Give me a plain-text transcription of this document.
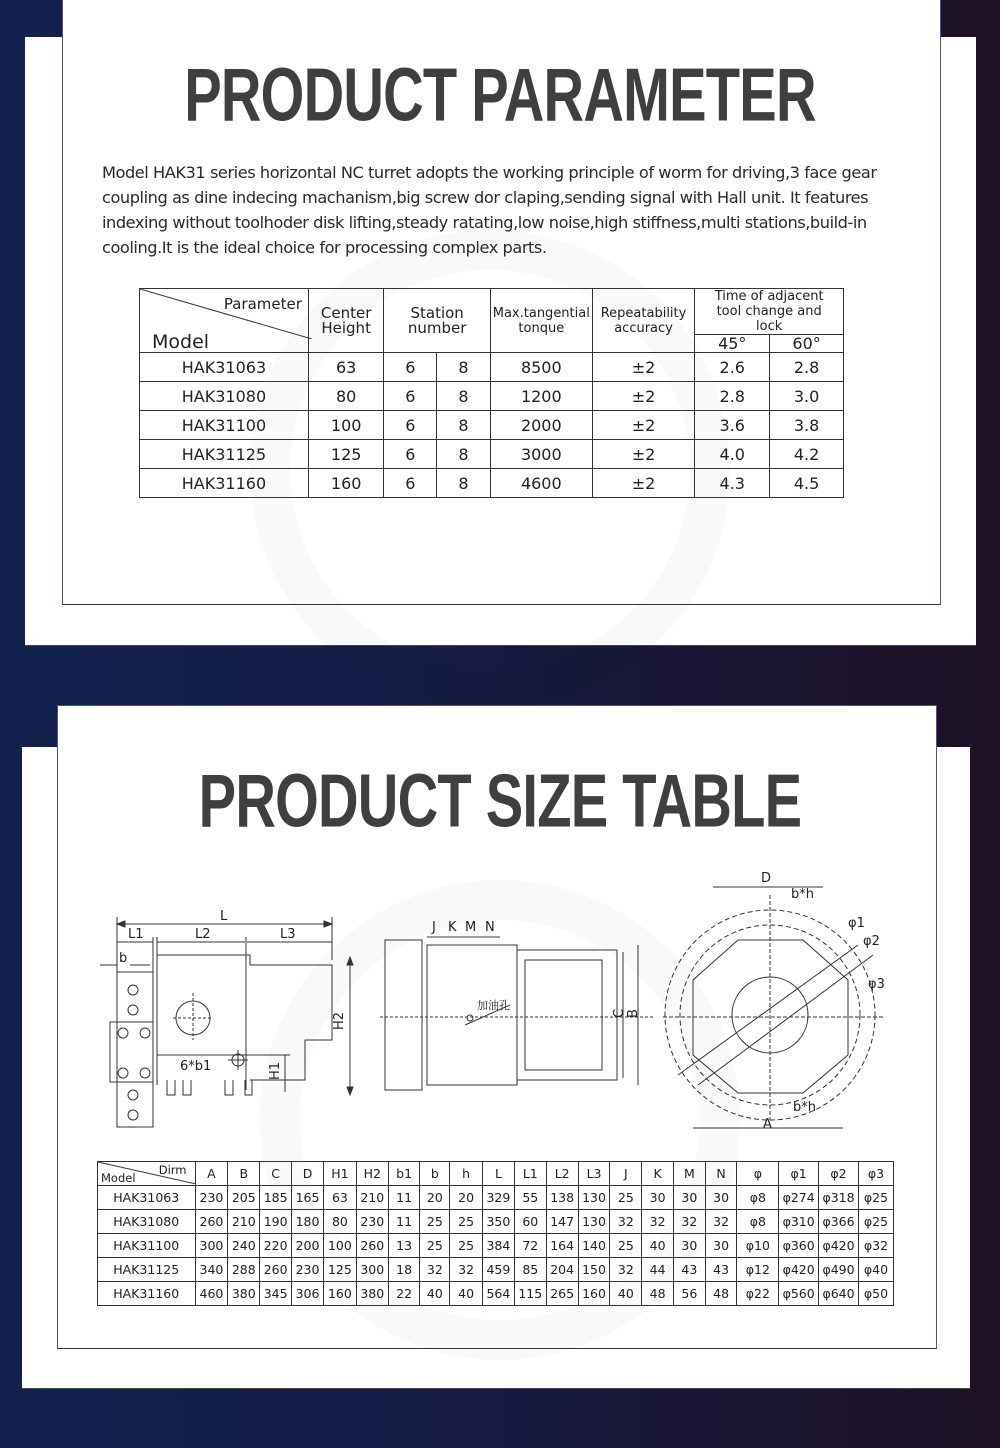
PRODUCT PARAMETER
Model HAK31 series horizontal NC turret adopts the working principle of worm for driving,3 face gear coupling as dine indecing machanism,big screw dor claping,sending signal with Hall unit. It features indexing without toolhoder disk lifting,steady ratating,low noise,high stiffness,multi stations,build-in cooling.It is the ideal choice for processing complex parts.
Parameter
Model	Center Height	Station number		Max.tangential tonque	Repeatability accuracy	Time of adjacent tool change and lock	
						45°	60°
HAK31063	63	6	8	8500	±2	2.6	2.8
HAK31080	80	6	8	1200	±2	2.8	3.0
HAK31100	100	6	8	2000	±2	3.6	3.8
HAK31125	125	6	8	3000	±2	4.0	4.2
HAK31160	160	6	8	4600	±2	4.3	4.5
PRODUCT SIZE TABLE
L
L1	L2	L3
b
6*b1
H2
H1
J K M N
C B
加油孔
D
b*h
φ1
φ2
φ3
b*h
A
Dirm
Model	A	B	C	D	H1	H2	b1	b	h	L	L1	L2	L3	J	K	M	N	φ	φ1	φ2	φ3
HAK31063	230	205	185	165	63	210	11	20	20	329	55	138	130	25	30	30	30	φ8	φ274	φ318	φ25
HAK31080	260	210	190	180	80	230	11	25	25	350	60	147	130	32	32	32	32	φ8	φ310	φ366	φ25
HAK31100	300	240	220	200	100	260	13	25	25	384	72	164	140	25	40	30	30	φ10	φ360	φ420	φ32
HAK31125	340	288	260	230	125	300	18	32	32	459	85	204	150	32	44	43	43	φ12	φ420	φ490	φ40
HAK31160	460	380	345	306	160	380	22	40	40	564	115	265	160	40	48	56	48	φ22	φ560	φ640	φ50
